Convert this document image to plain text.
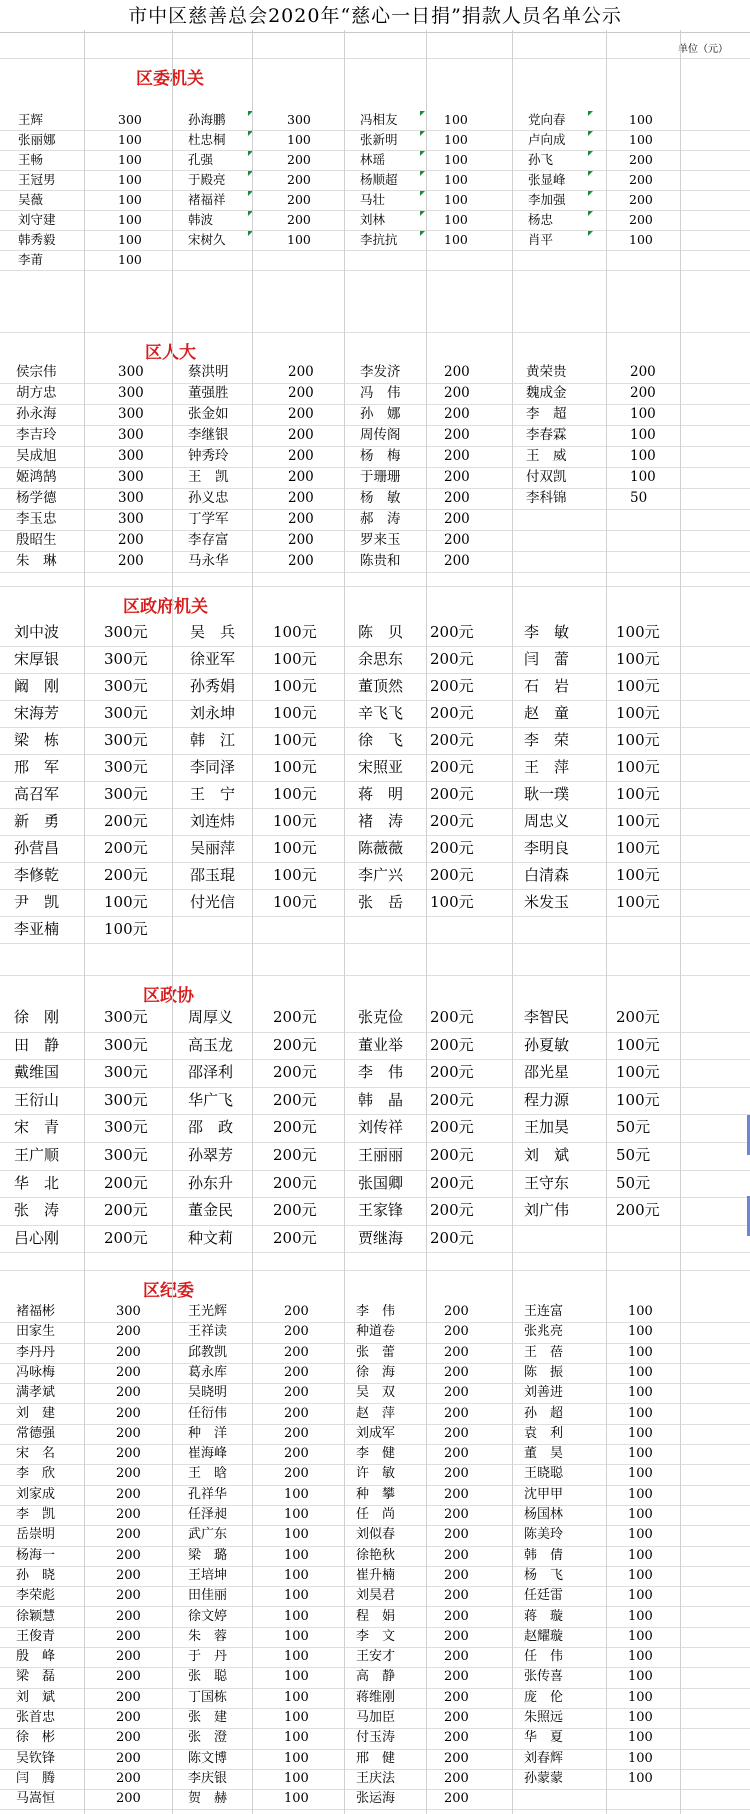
市中区慈善总会2020年“慈心一日捐”捐款人员名单公示
单位（元）
区委机关
王辉	300	孙海鹏	300	冯相友	100	党向春	100
张丽娜	100	杜忠桐	100	张新明	100	卢向成	100
王畅	100	孔强	200	林瑶	100	孙飞	200
王冠男	100	于殿亮	200	杨顺超	100	张显峰	200
吴薇	100	褚福祥	200	马壮	100	李加强	200
刘守建	100	韩波	200	刘林	100	杨忠	200
韩秀毅	100	宋树久	100	李抗抗	100	肖平	100
李莆	100
区人大
侯宗伟	300	蔡洪明	200	李发济	200	黄荣贵	200
胡方忠	300	董强胜	200	冯　伟	200	魏成金	200
孙永海	300	张金如	200	孙　娜	200	李　超	100
李吉玲	300	李继银	200	周传阁	200	李春霖	100
吴成旭	300	钟秀玲	200	杨　梅	200	王　威	100
姬鸿鹄	300	王　凯	200	于珊珊	200	付双凯	100
杨学德	300	孙义忠	200	杨　敏	200	李科锦	50
李玉忠	300	丁学军	200	郝　涛	200
殷昭生	200	李存富	200	罗来玉	200
朱　琳	200	马永华	200	陈贵和	200
区政府机关
刘中波	300元	吴　兵	100元	陈　贝 200元	李　敏	100元
宋厚银	300元	徐亚军	100元	余思东 200元	闫　蕾	100元
阚　刚	300元	孙秀娟	100元	董顶然 200元	石　岩	100元
宋海芳	300元	刘永坤	100元	辛飞飞 200元	赵　童	100元
梁　栋	300元	韩　江	100元	徐　飞 200元	李　荣	100元
邢　军	300元	李同泽	100元	宋照亚 200元	王　萍	100元
高召军	300元	王　宁	100元	蒋　明 200元	耿一璞	100元
新　勇	200元	刘连炜	100元	褚　涛 200元	周忠义	100元
孙营昌	200元	吴丽萍	100元	陈薇薇 200元	李明良	100元
李修乾	200元	邵玉琨	100元	李广兴 200元	白清森	100元
尹　凯	100元	付光信	100元	张　岳 100元	米发玉	100元
李亚楠	100元
区政协
徐　刚	300元	周厚义	200元	张克俭 200元	李智民	200元
田　静	300元	高玉龙	200元	董业举 200元	孙夏敏	100元
戴维国	300元	邵泽利	200元	李　伟 200元	邵光星	100元
王衍山	300元	华广飞	200元	韩　晶 200元	程力源	100元
宋　青	300元	邵　政	200元	刘传祥 200元	王加昊	50元
王广顺	300元	孙翠芳	200元	王丽丽 200元	刘　斌	50元
华　北	200元	孙东升	200元	张国卿 200元	王守东	50元
张　涛	200元	董金民	200元	王家锋 200元	刘广伟	200元
吕心刚	200元	种文莉	200元	贾继海 200元
区纪委
褚福彬	300	王光辉	200	李　伟	200	王连富	100
田家生	200	王祥读	200	种道卷	200	张兆亮	100
李丹丹	200	邱教凯	200	张　蕾	200	王　蓓	100
冯咏梅	200	葛永库	200	徐　海	200	陈　振	100
满孝斌	200	吴晓明	200	吴　双	200	刘善进	100
刘　建	200	任衍伟	200	赵　萍	200	孙　超	100
常德强	200	种　洋	200	刘成军	200	袁　利	100
宋　名	200	崔海峰	200	李　健	200	董　昊	100
李　欣	200	王　晗	200	许　敏	200	王晓聪	100
刘家成	200	孔祥华	100	种　攀	200	沈甲甲	100
李　凯	200	任泽昶	100	任　尚	200	杨国林	100
岳崇明	200	武广东	100	刘似春	200	陈美玲	100
杨海一	200	梁　璐	100	徐艳秋	200	韩　倩	100
孙　晓	200	王培坤	100	崔升楠	200	杨　飞	100
李荣彪	200	田佳丽	100	刘昊君	200	任廷雷	100
徐颖慧	200	徐文婷	100	程　娟	200	蒋　璇	100
王俊青	200	朱　蓉	100	李　文	200	赵耀璇	100
殷　峰	200	于　丹	100	王安才	200	任　伟	100
梁　磊	200	张　聪	100	高　静	200	张传喜	100
刘　斌	200	丁国栋	100	蒋维刚	200	庞　伦	100
张首忠	200	张　建	100	马加臣	200	朱照远	100
徐　彬	200	张　澄	100	付玉涛	200	华　夏	100
吴钦锋	200	陈文博	100	邢　健	200	刘春辉	100
闫　腾	200	李庆银	100	王庆法	200	孙蒙蒙	100
马嵩恒	200	贺　赫	100	张运海	200
